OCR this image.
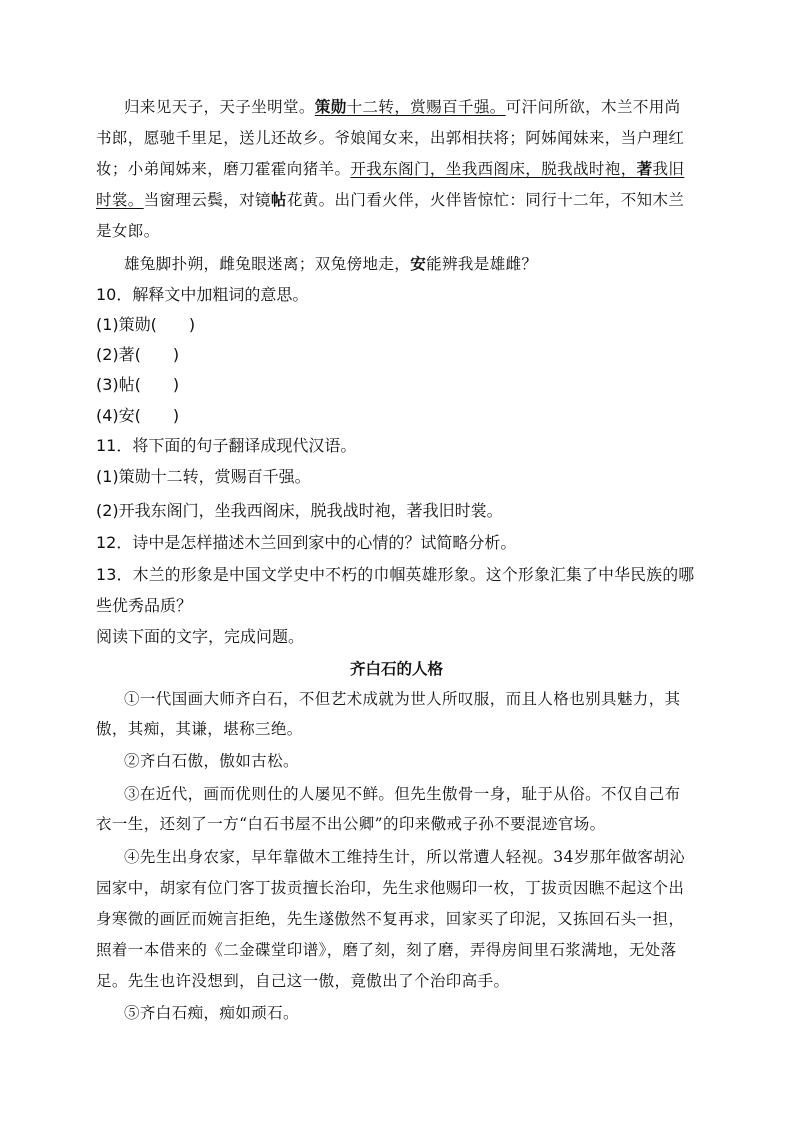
归来见天子，天子坐明堂。策勋十二转，赏赐百千强。可汗问所欲，木兰不用尚
书郎，愿驰千里足，送儿还故乡。爷娘闻女来，出郭相扶将；阿姊闻妹来，当户理红
妆；小弟闻姊来，磨刀霍霍向猪羊。开我东阁门，坐我西阁床，脱我战时袍，著我旧
时裳。当窗理云鬓，对镜帖花黄。出门看火伴，火伴皆惊忙：同行十二年，不知木兰
是女郎。
雄兔脚扑朔，雌兔眼迷离；双兔傍地走，安能辨我是雄雌？
10．解释文中加粗词的意思。
(1)策勋(　　)
(2)著(　　)
(3)帖(　　)
(4)安(　　)
11．将下面的句子翻译成现代汉语。
(1)策勋十二转，赏赐百千强。
(2)开我东阁门，坐我西阁床，脱我战时袍，著我旧时裳。
12．诗中是怎样描述木兰回到家中的心情的？试简略分析。
13．木兰的形象是中国文学史中不朽的巾帼英雄形象。这个形象汇集了中华民族的哪
些优秀品质？
阅读下面的文字，完成问题。
齐白石的人格
①一代国画大师齐白石，不但艺术成就为世人所叹服，而且人格也别具魅力，其
傲，其痴，其谦，堪称三绝。
②齐白石傲，傲如古松。
③在近代，画而优则仕的人屡见不鲜。但先生傲骨一身，耻于从俗。不仅自己布
衣一生，还刻了一方“白石书屋不出公卿”的印来儆戒子孙不要混迹官场。
④先生出身农家，早年靠做木工维持生计，所以常遭人轻视。34岁那年做客胡沁
园家中，胡家有位门客丁拔贡擅长治印，先生求他赐印一枚，丁拔贡因瞧不起这个出
身寒微的画匠而婉言拒绝，先生遂傲然不复再求，回家买了印泥，又拣回石头一担，
照着一本借来的《二金碟堂印谱》，磨了刻，刻了磨，弄得房间里石浆满地，无处落
足。先生也许没想到，自己这一傲，竟傲出了个治印高手。
⑤齐白石痴，痴如顽石。
